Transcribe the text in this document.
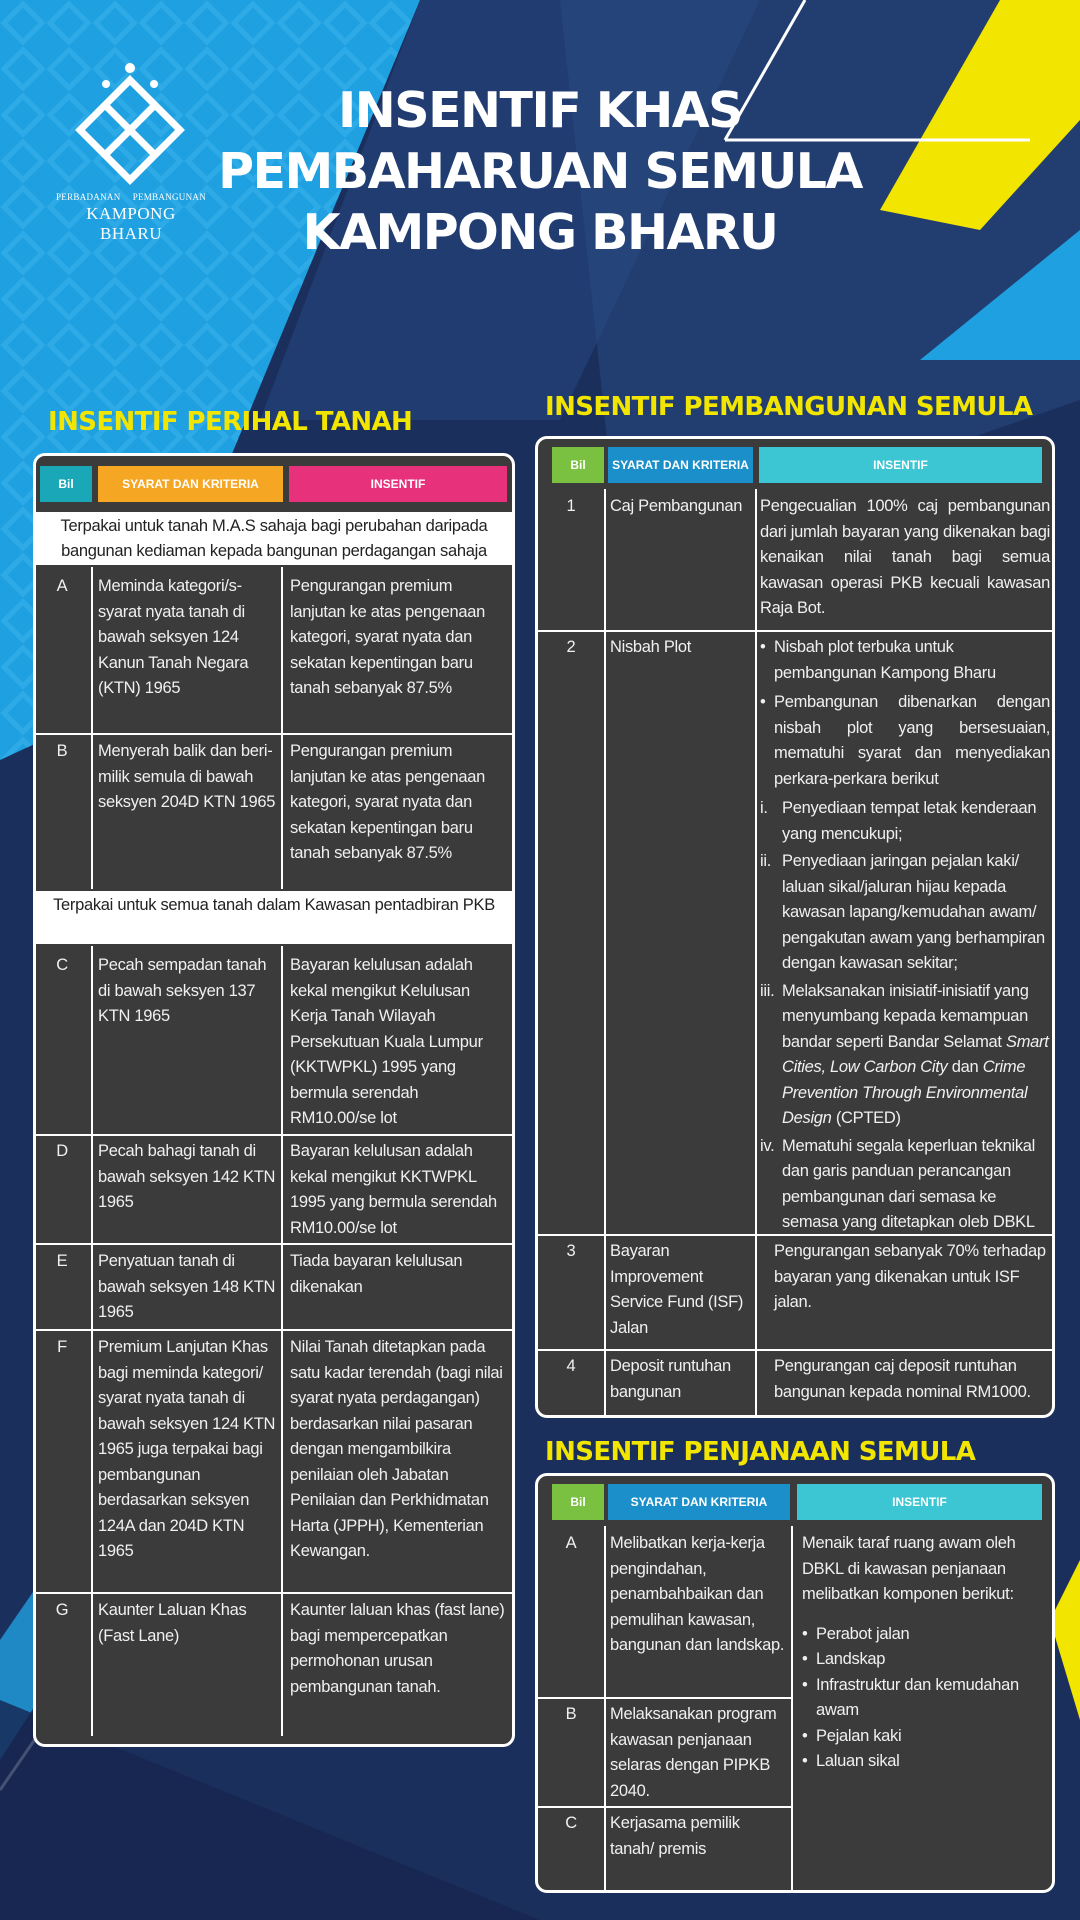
PERBADANAN PEMBANGUNAN
KAMPONG BHARU
INSENTIF KHAS
PEMBAHARUAN SEMULA
KAMPONG BHARU
INSENTIF PERIHAL TANAH
Bil	SYARAT DAN KRITERIA	INSENTIF
Terpakai untuk tanah M.A.S sahaja bagi perubahan daripada bangunan kediaman kepada bangunan perdagangan sahaja
A	Meminda kategori/s-syarat nyata tanah di bawah seksyen 124 Kanun Tanah Negara (KTN) 1965
Pengurangan premium lanjutan ke atas pengenaan kategori, syarat nyata dan sekatan kepentingan baru tanah sebanyak 87.5%
B	Menyerah balik dan beri-milik semula di bawah seksyen 204D KTN 1965
Pengurangan premium lanjutan ke atas pengenaan kategori, syarat nyata dan sekatan kepentingan baru tanah sebanyak 87.5%
Terpakai untuk semua tanah dalam Kawasan pentadbiran PKB
C	Pecah sempadan tanah di bawah seksyen 137 KTN 1965
Bayaran kelulusan adalah kekal mengikut Kelulusan Kerja Tanah Wilayah Persekutuan Kuala Lumpur (KKTWPKL) 1995 yang bermula serendah RM10.00/se lot
D	Pecah bahagi tanah di bawah seksyen 142 KTN 1965
Bayaran kelulusan adalah kekal mengikut KKTWPKL 1995 yang bermula serendah RM10.00/se lot
E	Penyatuan tanah di bawah seksyen 148 KTN 1965
Tiada bayaran kelulusan dikenakan
F	Premium Lanjutan Khas bagi meminda kategori/ syarat nyata tanah di bawah seksyen 124 KTN 1965 juga terpakai bagi pembangunan berdasarkan seksyen 124A dan 204D KTN 1965
Nilai Tanah ditetapkan pada satu kadar terendah (bagi nilai syarat nyata perdagangan) berdasarkan nilai pasaran dengan mengambilkira penilaian oleh Jabatan Penilaian dan Perkhidmatan Harta (JPPH), Kementerian Kewangan.
G	Kaunter Laluan Khas (Fast Lane)
Kaunter laluan khas (fast lane) bagi mempercepatkan permohonan urusan pembangunan tanah.
INSENTIF PEMBANGUNAN SEMULA
Bil	SYARAT DAN KRITERIA	INSENTIF
1	Caj Pembangunan	Pengecualian 100% caj pembangunan dari jumlah bayaran yang dikenakan bagi kenaikan nilai tanah bagi semua kawasan operasi PKB kecuali kawasan Raja Bot.
2	Nisbah Plot
•	Nisbah plot terbuka untuk pembangunan Kampong Bharu
• Pembangunan dibenarkan dengan nisbah plot yang bersesuaian, mematuhi syarat dan menyediakan perkara-perkara berikut
i. Penyediaan tempat letak kenderaan yang mencukupi;
ii. Penyediaan jaringan pejalan kaki/ laluan sikal/jaluran hijau kepada kawasan lapang/kemudahan awam/ pengakutan awam yang berhampiran dengan kawasan sekitar;
iii. Melaksanakan inisiatif-inisiatif yang menyumbang kepada kemampuan bandar seperti Bandar Selamat Smart Cities, Low Carbon City dan Crime Prevention Through Environmental Design (CPTED)
iv. Mematuhi segala keperluan teknikal dan garis panduan perancangan pembangunan dari semasa ke semasa yang ditetapkan oleb DBKL
3	Bayaran Improvement Service Fund (ISF) Jalan
Pengurangan sebanyak 70% terhadap bayaran yang dikenakan untuk ISF jalan.
4	Deposit runtuhan bangunan
Pengurangan caj deposit runtuhan bangunan kepada nominal RM1000.
INSENTIF PENJANAAN SEMULA
Bil	SYARAT DAN KRITERIA	INSENTIF
A	Melibatkan kerja-kerja pengindahan, penambahbaikan dan pemulihan kawasan, bangunan dan landskap.
B	Melaksanakan program kawasan penjanaan selaras dengan PIPKB 2040.
C	Kerjasama pemilik tanah/ premis
Menaik taraf ruang awam oleh DBKL di kawasan penjanaan melibatkan komponen berikut:
• Perabot jalan
• Landskap
• Infrastruktur dan kemudahan awam
• Pejalan kaki
• Laluan sikal
